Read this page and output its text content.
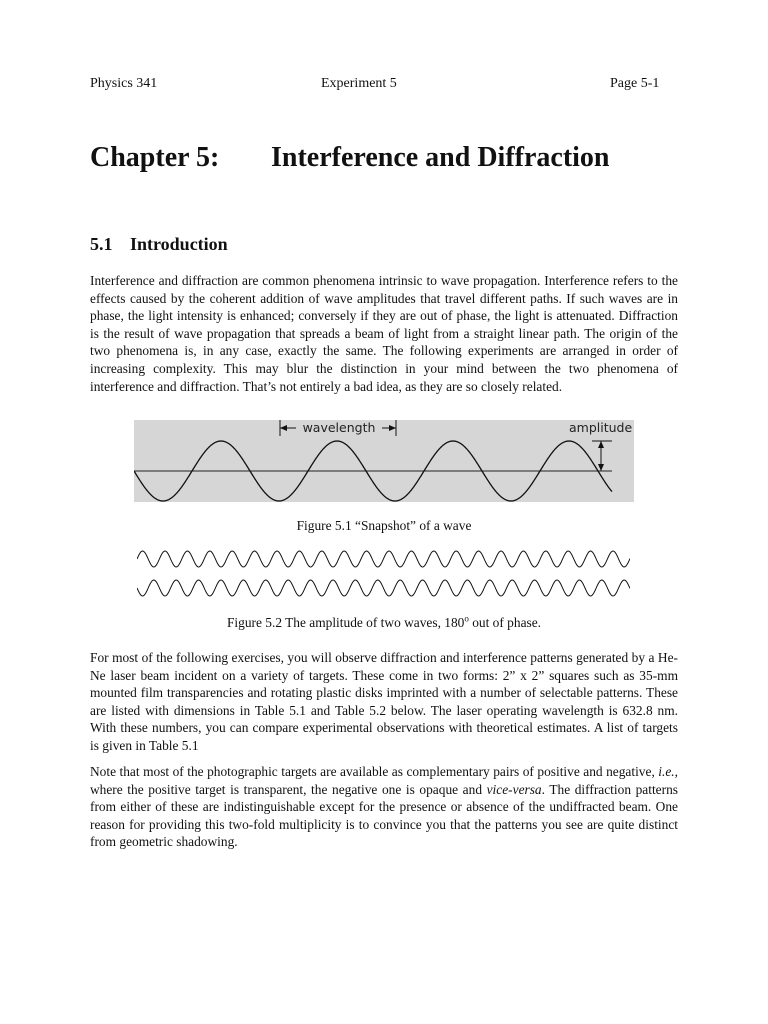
Physics 341	Experiment 5	Page 5-1
Chapter 5: Interference and Diffraction
5.1 Introduction

Interference and diffraction are common phenomena intrinsic to wave propagation. Interference refers to the effects caused by the coherent addition of wave amplitudes that travel different paths. If such waves are in phase, the light intensity is enhanced; conversely if they are out of phase, the light is attenuated. Diffraction is the result of wave propagation that spreads a beam of light from a straight linear path. The origin of the two phenomena is, in any case, exactly the same. The following experiments are arranged in order of increasing complexity. This may blur the distinction in your mind between the two phenomena of interference and diffraction. That’s not entirely a bad idea, as they are so closely related.

wavelength	amplitude
Figure 5.1 “Snapshot” of a wave
Figure 5.2 The amplitude of two waves, 180$^o$ out of phase.

For most of the following exercises, you will observe diffraction and interference patterns generated by a He-Ne laser beam incident on a variety of targets. These come in two forms: 2” x 2” squares such as 35-mm mounted film transparencies and rotating plastic disks imprinted with a number of selectable patterns. These are listed with dimensions in Table 5.1 and Table 5.2 below. The laser operating wavelength is 632.8 nm. With these numbers, you can compare experimental observations with theoretical estimates. A list of targets is given in Table 5.1

Note that most of the photographic targets are available as complementary pairs of positive and negative, i.e., where the positive target is transparent, the negative one is opaque and vice-versa. The diffraction patterns from either of these are indistinguishable except for the presence or absence of the undiffracted beam. One reason for providing this two-fold multiplicity is to convince you that the patterns you see are quite distinct from geometric shadowing.
